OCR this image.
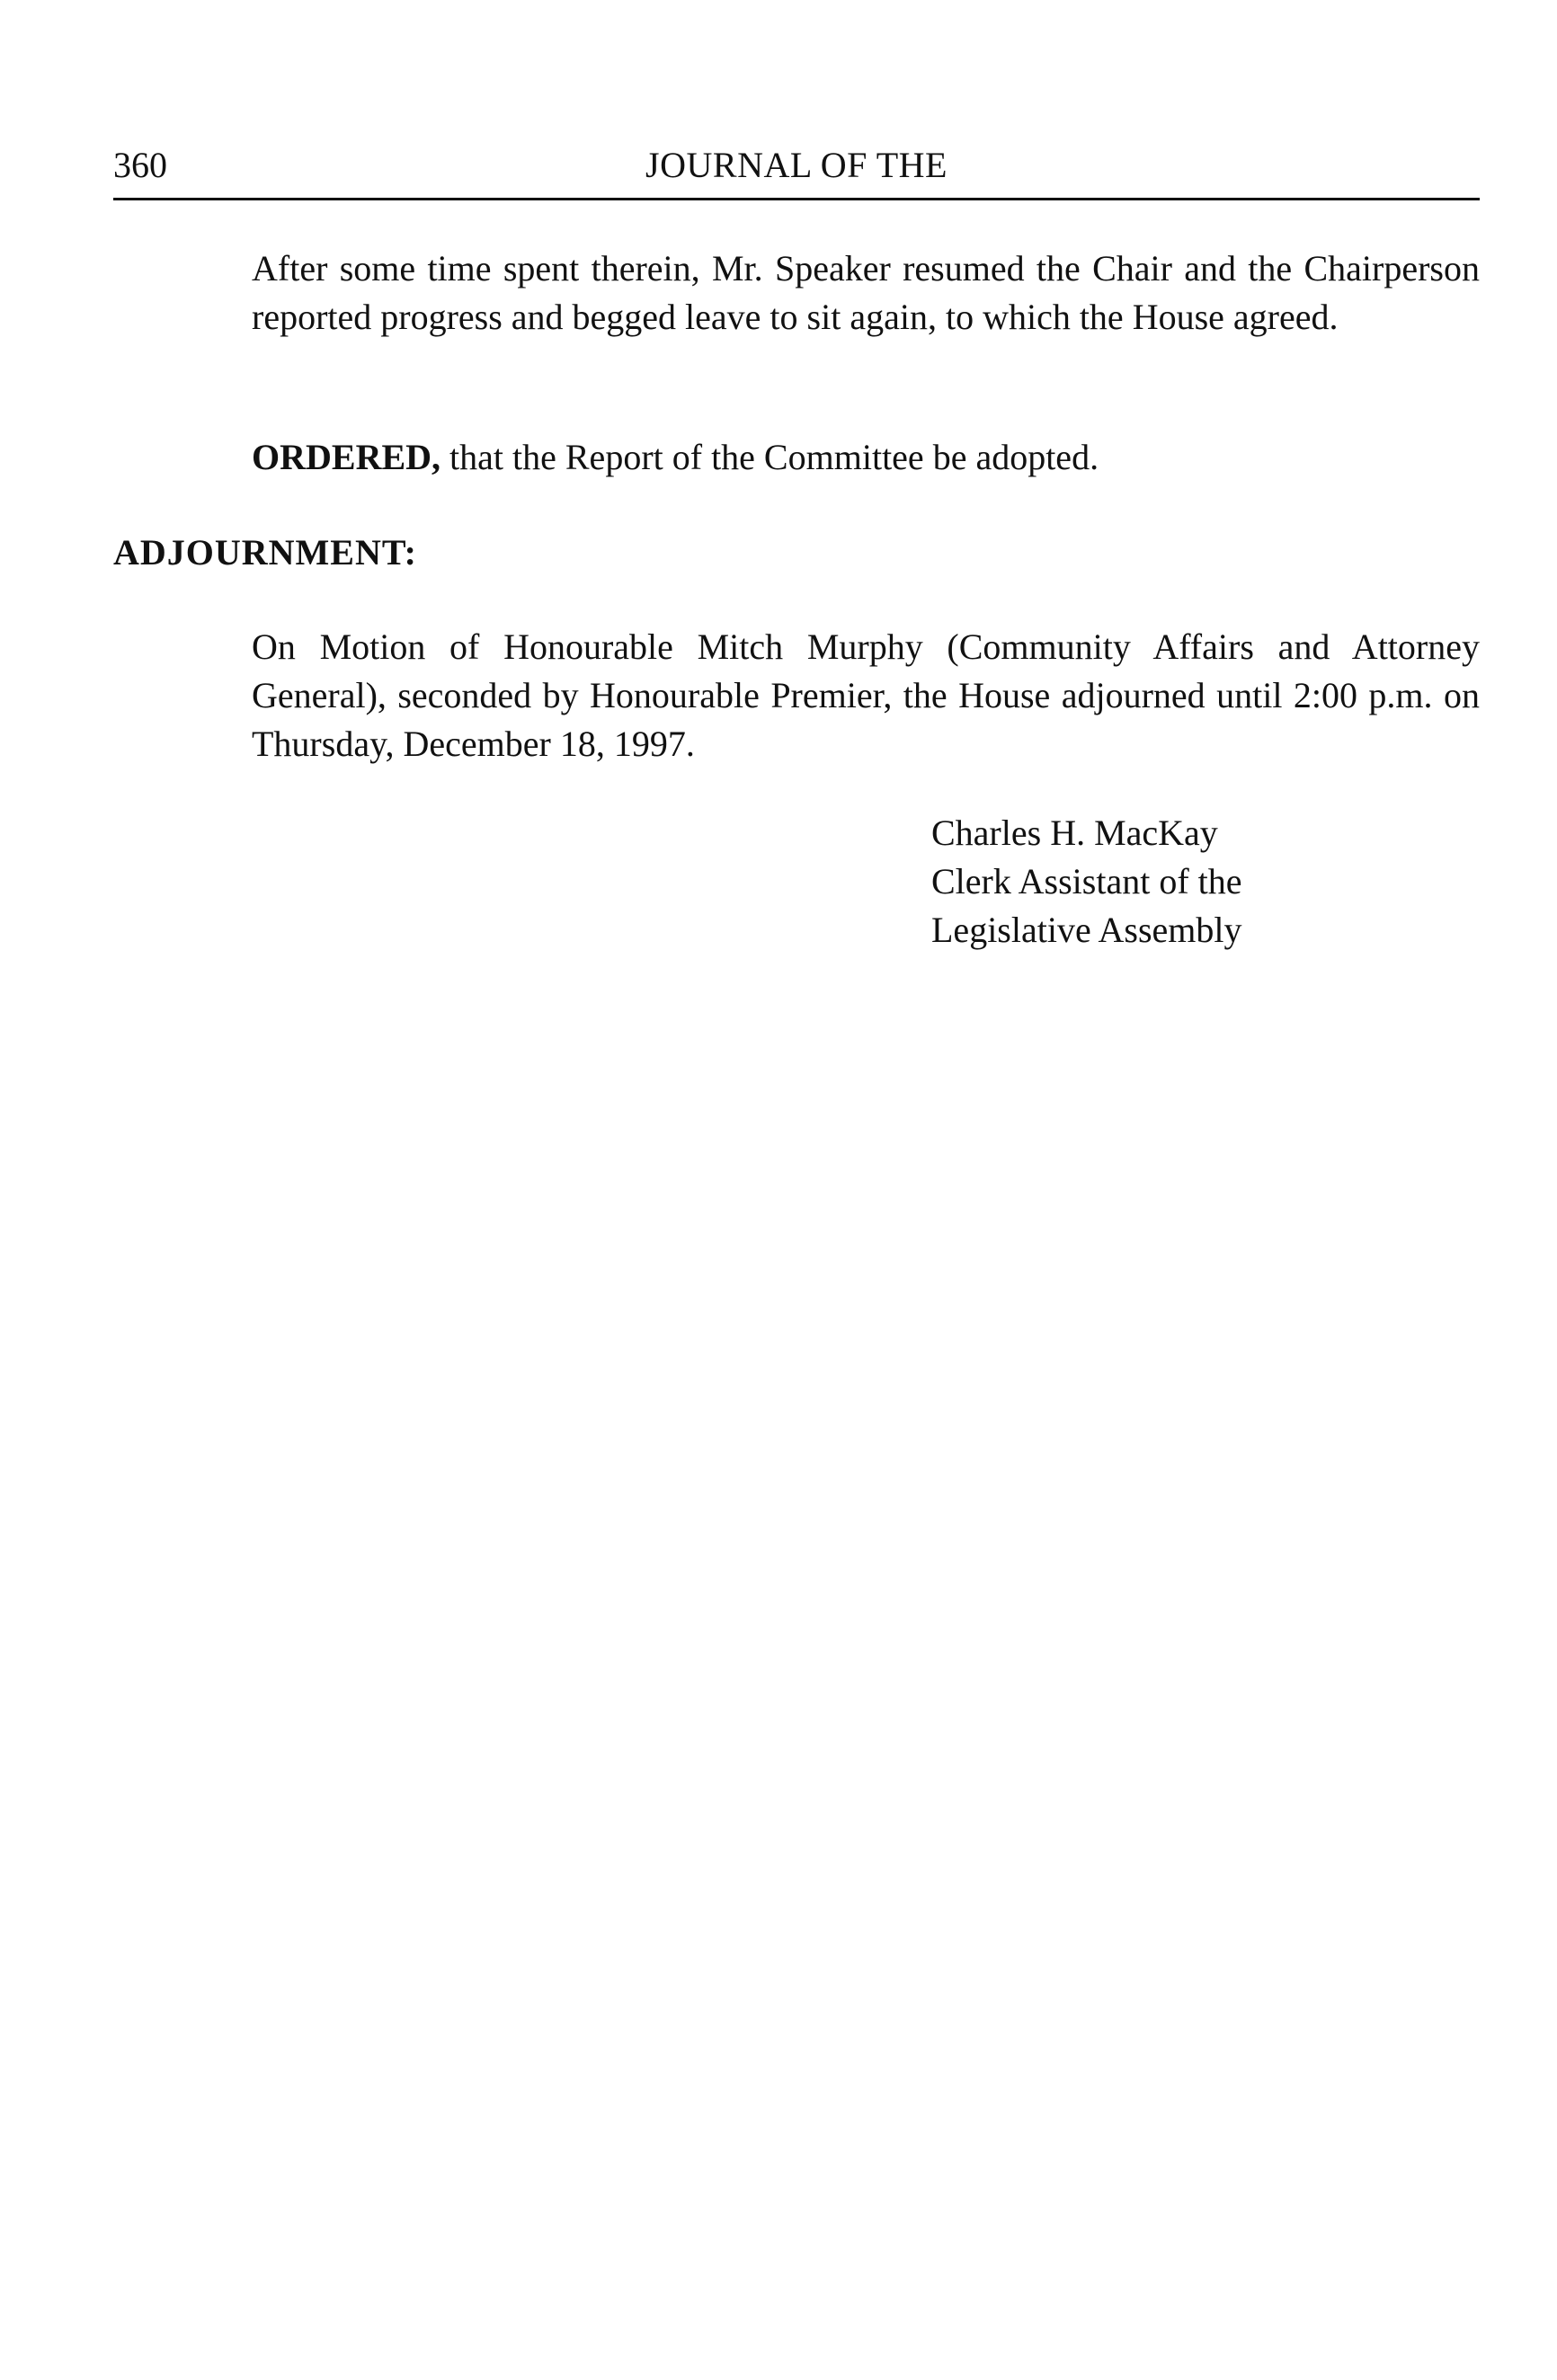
360	JOURNAL OF THE

After some time spent therein, Mr. Speaker resumed the Chair and the Chairperson reported progress and begged leave to sit again, to which the House agreed.

ORDERED, that the Report of the Committee be adopted.

ADJOURNMENT:

On Motion of Honourable Mitch Murphy (Community Affairs and Attorney General), seconded by Honourable Premier, the House adjourned until 2:00 p.m. on Thursday, December 18, 1997.

Charles H. MacKay
Clerk Assistant of the
Legislative Assembly
